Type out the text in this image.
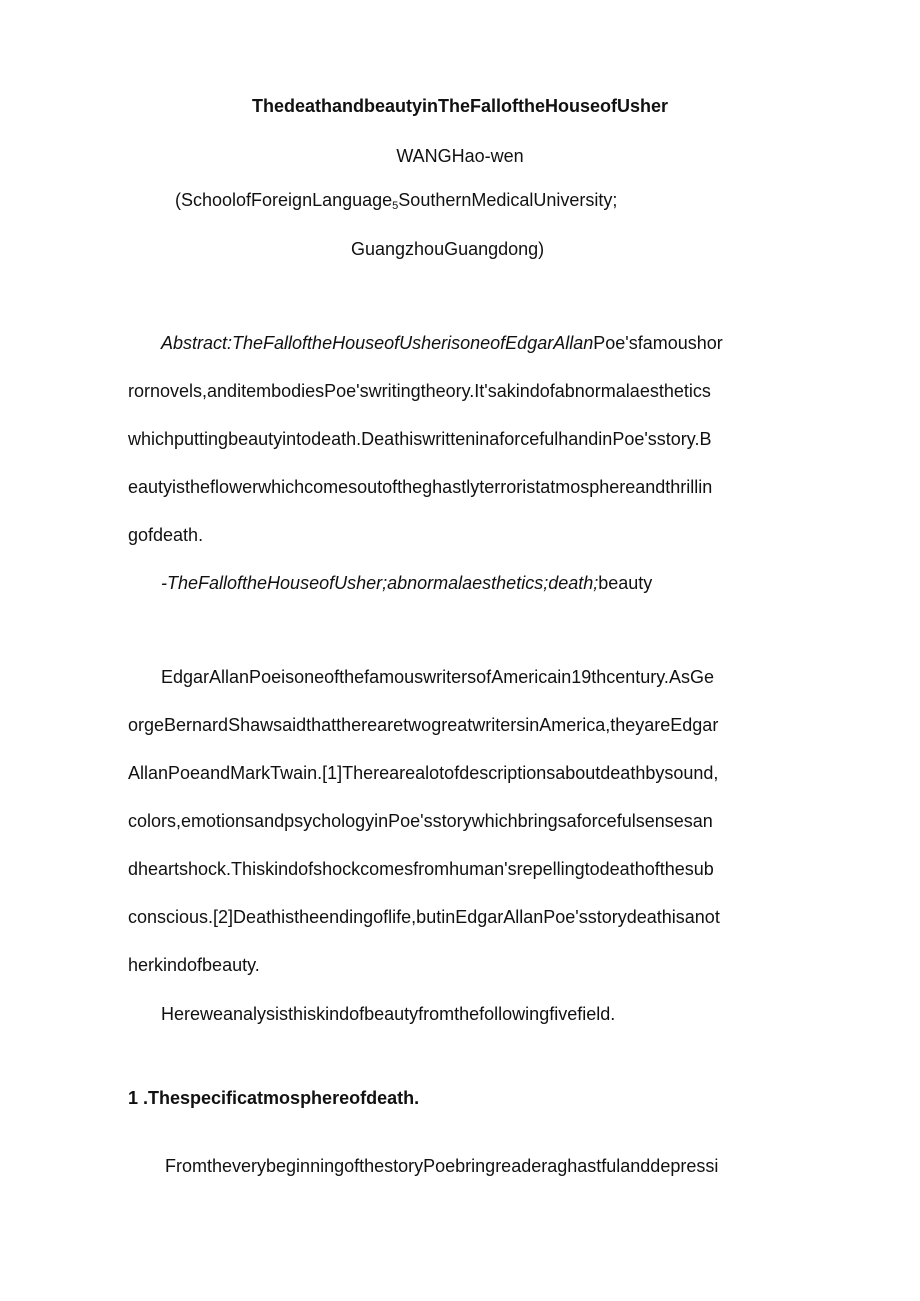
ThedeathandbeautyinTheFalloftheHouseofUsher
WANGHao-wen
(SchoolofForeignLanguage$_5$SouthernMedicalUniversity;
GuangzhouGuangdong)
Abstract:TheFalloftheHouseofUsherisoneofEdgarAllanPoe'sfamoushor
rornovels,anditembodiesPoe'swritingtheory.It'sakindofabnormalaesthetics
whichputtingbeautyintodeath.DeathiswritteninaforcefulhandinPoe'sstory.B
eautyistheflowerwhichcomesoutoftheghastlyterroristatmosphereandthrillin
gofdeath.
-TheFalloftheHouseofUsher;abnormalaesthetics;death;beauty
EdgarAllanPoeisoneofthefamouswritersofAmericain19thcentury.AsGe
orgeBernardShawsaidthattherearetwogreatwritersinAmerica,theyareEdgar
AllanPoeandMarkTwain.[1]Therearealotofdescriptionsaboutdeathbysound,
colors,emotionsandpsychologyinPoe'sstorywhichbringsaforcefulsensesan
dheartshock.Thiskindofshockcomesfromhuman'srepellingtodeathofthesub
conscious.[2]Deathistheendingoflife,butinEdgarAllanPoe'sstorydeathisanot
herkindofbeauty.
Hereweanalysisthiskindofbeautyfromthefollowingfivefield.
1 .Thespecificatmosphereofdeath.
FromtheverybeginningofthestoryPoebringreaderaghastfulanddepressi
